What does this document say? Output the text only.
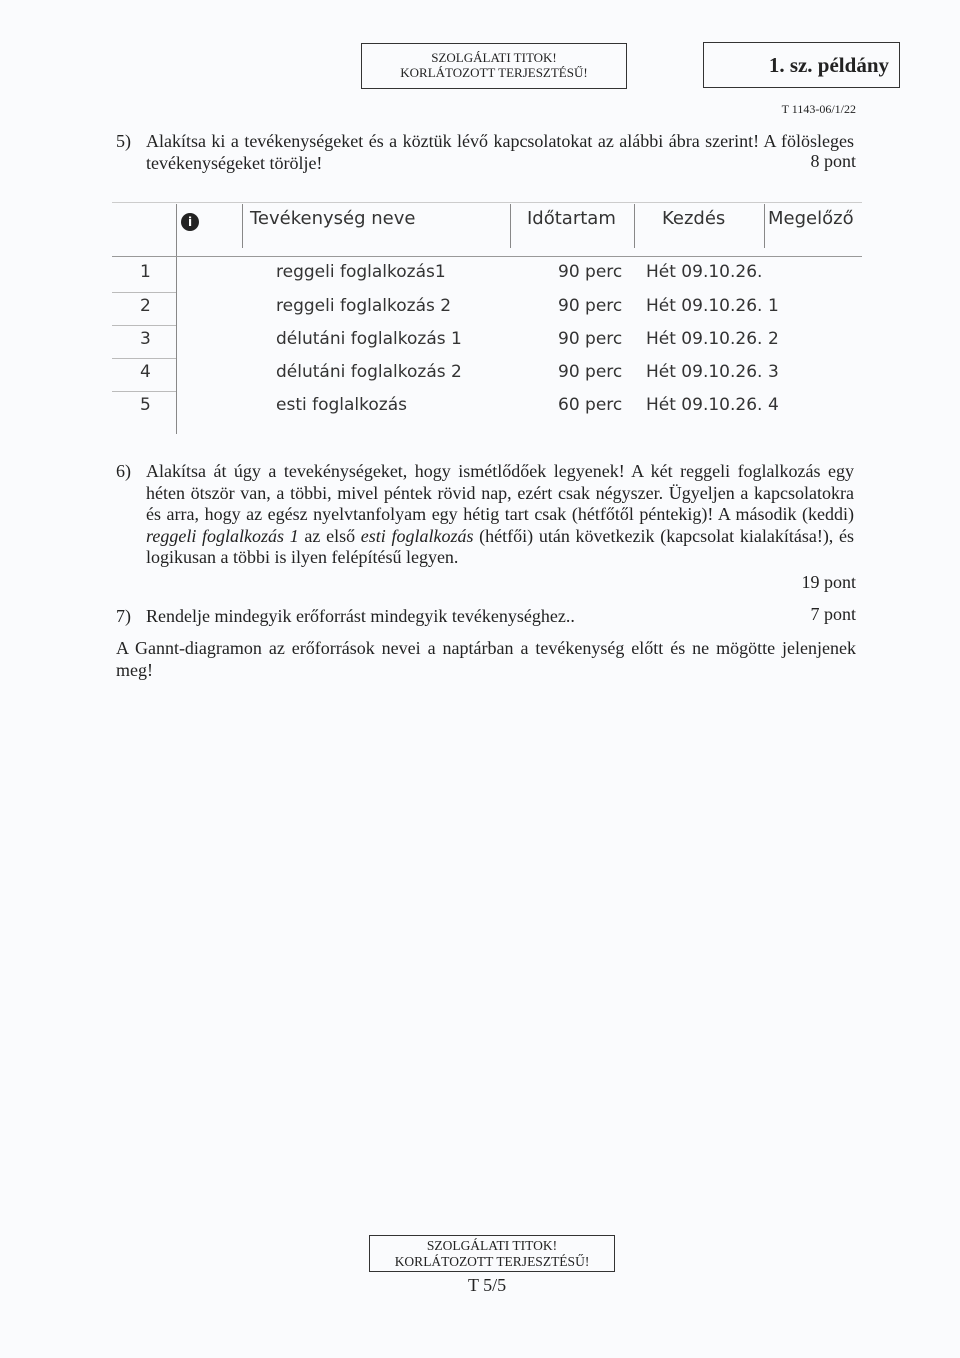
SZOLGÁLATI TITOK!
KORLÁTOZOTT TERJESZTÉSŰ!	1. sz. példány
T 1143-06/1/22
5) Alakítsa ki a tevékenységeket és a köztük lévő kapcsolatokat az alábbi ábra szerint! A fölösleges tevékenységeket törölje!	8 pont
i	Tevékenység neve	Időtartam	Kezdés Megelőző
1	reggeli foglalkozás1	90 perc Hét 09.10.26.
2	reggeli foglalkozás 2	90 perc Hét 09.10.26. 1
3	délutáni foglalkozás 1	90 perc Hét 09.10.26. 2
4	délutáni foglalkozás 2	90 perc Hét 09.10.26. 3
5	esti foglalkozás	60 perc Hét 09.10.26. 4
6) Alakítsa át úgy a tevekénységeket, hogy ismétlődőek legyenek! A két reggeli foglalkozás egy héten ötször van, a többi, mivel péntek rövid nap, ezért csak négyszer. Ügyeljen a kapcsolatokra és arra, hogy az egész nyelvtanfolyam egy hétig tart csak (hétfőtől péntekig)! A második (keddi) reggeli foglalkozás 1 az első esti foglalkozás (hétfői) után következik (kapcsolat kialakítása!), és logikusan a többi is ilyen felépítésű legyen.
19 pont
7) Rendelje mindegyik erőforrást mindegyik tevékenységhez..	7 pont
A Gannt-diagramon az erőforrások nevei a naptárban a tevékenység előtt és ne mögötte jelenjenek meg!
SZOLGÁLATI TITOK!
KORLÁTOZOTT TERJESZTÉSŰ!
T 5/5
